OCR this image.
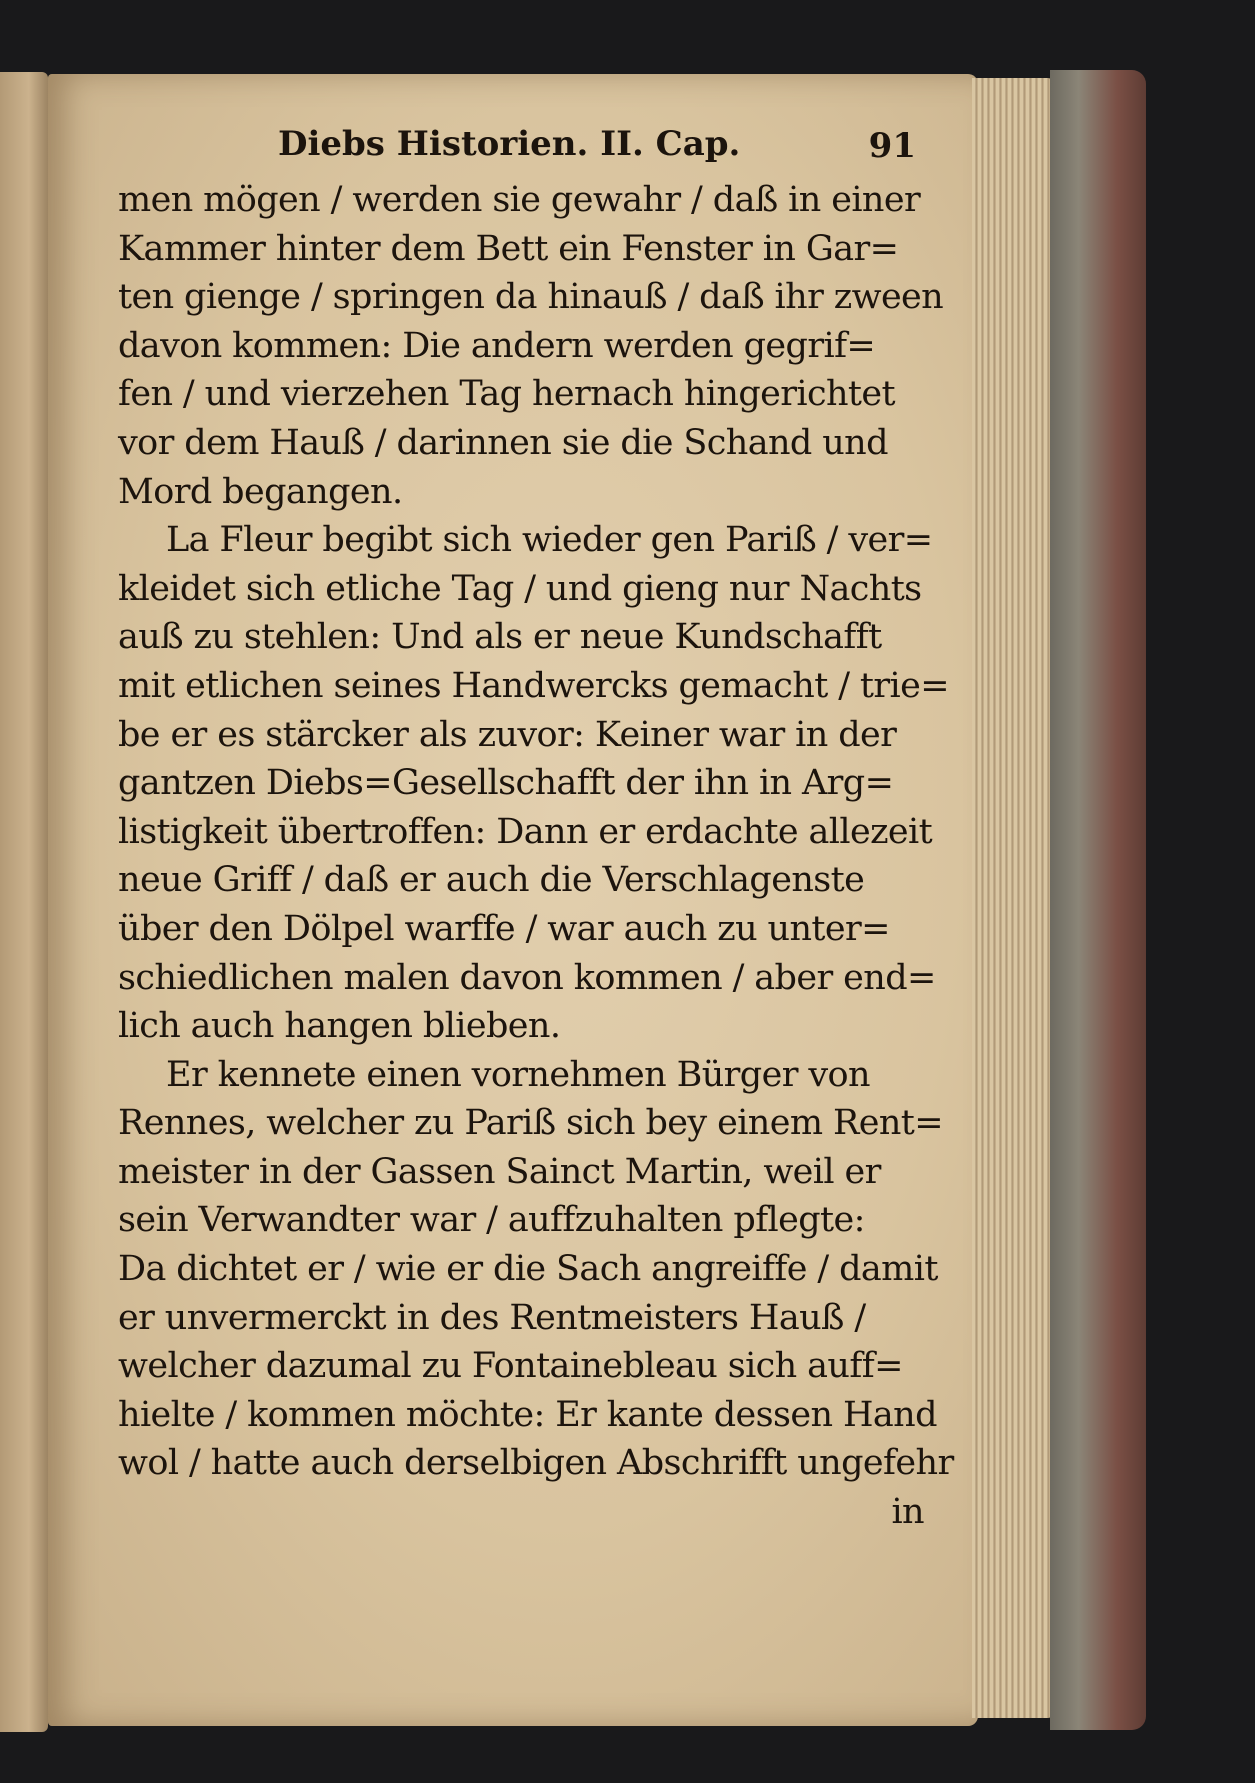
Diebs Historien. II. Cap.	91
men mögen / werden sie gewahr / daß in einer
Kammer hinter dem Bett ein Fenster in Gar=
ten gienge / springen da hinauß / daß ihr zween
davon kommen: Die andern werden gegrif=
fen / und vierzehen Tag hernach hingerichtet
vor dem Hauß / darinnen sie die Schand und
Mord begangen.
La Fleur begibt sich wieder gen Pariß / ver=
kleidet sich etliche Tag / und gieng nur Nachts
auß zu stehlen: Und als er neue Kundschafft
mit etlichen seines Handwercks gemacht / trie=
be er es stärcker als zuvor: Keiner war in der
gantzen Diebs=Gesellschafft der ihn in Arg=
listigkeit übertroffen: Dann er erdachte allezeit
neue Griff / daß er auch die Verschlagenste
über den Dölpel warffe / war auch zu unter=
schiedlichen malen davon kommen / aber end=
lich auch hangen blieben.
Er kennete einen vornehmen Bürger von
Rennes, welcher zu Pariß sich bey einem Rent=
meister in der Gassen Sainct Martin, weil er
sein Verwandter war / auffzuhalten pflegte:
Da dichtet er / wie er die Sach angreiffe / damit
er unvermerckt in des Rentmeisters Hauß /
welcher dazumal zu Fontainebleau sich auff=
hielte / kommen möchte: Er kante dessen Hand
wol / hatte auch derselbigen Abschrifft ungefehr
in
